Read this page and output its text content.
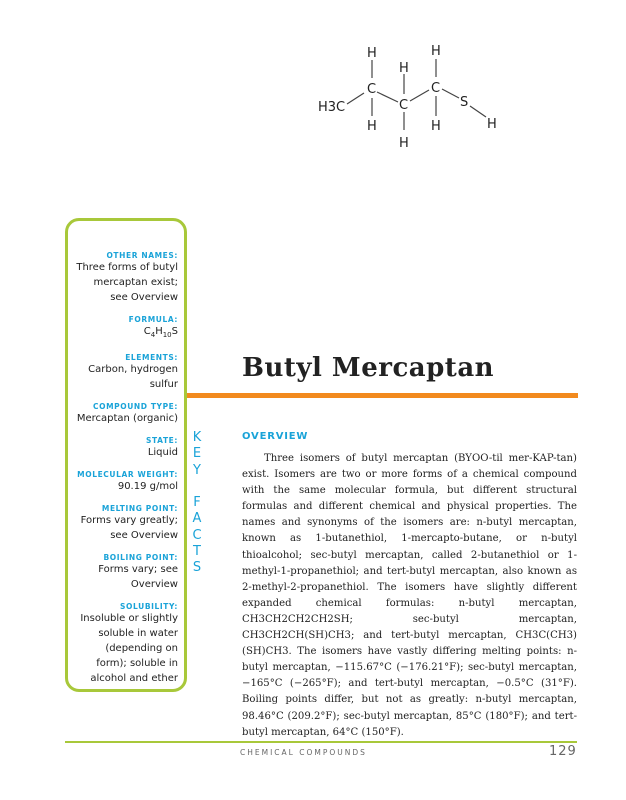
H3C
C
C
C
S
H
H
H
H
H
H	H
OTHER NAMES:
Three forms of butyl mercaptan exist; see Overview
FORMULA:
$C_4H_{10}S$
ELEMENTS:
Carbon, hydrogen sulfur
COMPOUND TYPE:
Mercaptan (organic)
STATE:
Liquid
MOLECULAR WEIGHT:
90.19 g/mol
MELTING POINT:
Forms vary greatly; see Overview
BOILING POINT:
Forms vary; see Overview
SOLUBILITY:
Insoluble or slightly soluble in water (depending on form); soluble in alcohol and ether
K
E
Y

F
A
C
T
S
Butyl Mercaptan
OVERVIEW

Three isomers of butyl mercaptan (BYOO-til mer-KAP-tan) exist. Isomers are two or more forms of a chemical compound with the same molecular formula, but different structural formulas and different chemical and physical properties. The names and synonyms of the isomers are: n-butyl mercaptan, known as 1-butanethiol, 1-mercapto-butane, or n-butyl thioalcohol; sec-butyl mercaptan, called 2-butanethiol or 1-methyl-1-propanethiol; and tert-butyl mercaptan, also known as 2-methyl-2-propanethiol. The isomers have slightly different expanded chemical formulas: n-butyl mercaptan, CH3CH2CH2CH2SH; sec-butyl mercaptan, CH3CH2CH(SH)CH3; and tert-butyl mercaptan, CH3C(CH3)(SH)CH3. The isomers have vastly differing melting points: n-butyl mercaptan, −115.67°C (−176.21°F); sec-butyl mercaptan, −165°C (−265°F); and tert-butyl mercaptan, −0.5°C (31°F). Boiling points differ, but not as greatly: n-butyl mercaptan, 98.46°C (209.2°F); sec-butyl mercaptan, 85°C (180°F); and tert-butyl mercaptan, 64°C (150°F).

CHEMICAL COMPOUNDS	129
